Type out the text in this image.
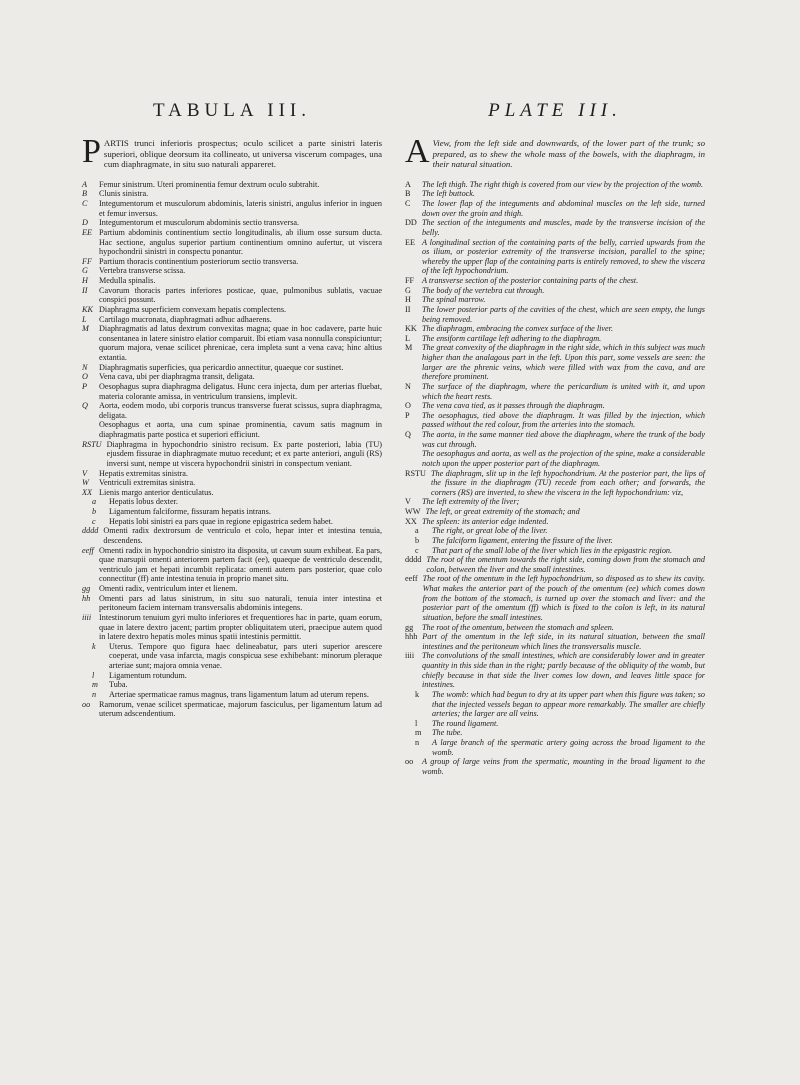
TABULA III.

PARTIS trunci inferioris prospectus; oculo scilicet a parte sinistri lateris superiori, oblique deorsum ita collineato, ut universa viscerum compages, una cum diaphragmate, in situ suo naturali appareret.

A	Femur sinistrum. Uteri prominentia femur dextrum oculo subtrahit.
B	Clunis sinistra.
C	Integumentorum et musculorum abdominis, lateris sinistri, angulus inferior in inguen et femur inversus.
D	Integumentorum et musculorum abdominis sectio transversa.
EE Partium abdominis continentium sectio longitudinalis, ab ilium osse sursum ducta. Hac sectione, angulus superior partium continentium omnino aufertur, ut viscera hypochondrii sinistri in conspectu ponantur.
FF Partium thoracis continentium posteriorum sectio transversa.
G	Vertebra transverse scissa.
H	Medulla spinalis.
II	Cavorum thoracis partes inferiores posticae, quae, pulmonibus sublatis, vacuae conspici possunt.
KK Diaphragma superficiem convexam hepatis complectens.
L	Cartilago mucronata, diaphragmati adhuc adhaerens.
M	Diaphragmatis ad latus dextrum convexitas magna; quae in hoc cadavere, parte huic consentanea in latere sinistro elatior comparuit. Ibi etiam vasa nonnulla conspiciuntur; quorum majora, venae scilicet phrenicae, cera impleta sunt a vena cava; hinc altius extantia.
N	Diaphragmatis superficies, qua pericardio annectitur, quaeque cor sustinet.
O	Vena cava, ubi per diaphragma transit, deligata.
P	Oesophagus supra diaphragma deligatus. Hunc cera injecta, dum per arterias fluebat, materia colorante amissa, in ventriculum transiens, implevit.
Q	Aorta, eodem modo, ubi corporis truncus transverse fuerat scissus, supra diaphragma, deligata.
Oesophagus et aorta, una cum spinae prominentia, cavum satis magnum in diaphragmatis parte postica et superiori efficiunt.
RSTU Diaphragma in hypochondrio sinistro recisum. Ex parte posteriori, labia (TU) ejusdem fissurae in diaphragmate mutuo recedunt; et ex parte anteriori, anguli (RS) inversi sunt, nempe ut viscera hypochondrii sinistri in conspectum veniant.
V	Hepatis extremitas sinistra.
W	Ventriculi extremitas sinistra.
XX Lienis margo anterior denticulatus.
a	Hepatis lobus dexter.
b	Ligamentum falciforme, fissuram hepatis intrans.
c	Hepatis lobi sinistri ea pars quae in regione epigastrica sedem habet.
dddd Omenti radix dextrorsum de ventriculo et colo, hepar inter et intestina tenuia, descendens.
eeff Omenti radix in hypochondrio sinistro ita disposita, ut cavum suum exhibeat. Ea pars, quae marsupii omenti anteriorem partem facit (ee), quaeque de ventriculo descendit, ventriculo jam et hepati incumbit replicata: omenti autem pars posterior, quae colo connectitur (ff) ante intestina tenuia in proprio manet situ.
gg	Omenti radix, ventriculum inter et lienem.
hh	Omenti pars ad latus sinistrum, in situ suo naturali, tenuia inter intestina et peritoneum faciem internam transversalis abdominis integens.
iiii Intestinorum tenuium gyri multo inferiores et frequentiores hac in parte, quam eorum, quae in latere dextro jacent; partim propter obliquitatem uteri, praecipue autem quod in latere dextro hepatis moles minus spatii intestinis permittit.
k	Uterus. Tempore quo figura haec delineabatur, pars uteri superior arescere coeperat, unde vasa infarcta, magis conspicua sese exhibebant: minorum pleraque arteriae sunt; majora omnia venae.
l	Ligamentum rotundum.
m	Tuba.
n	Arteriae spermaticae ramus magnus, trans ligamentum latum ad uterum repens.
oo	Ramorum, venae scilicet spermaticae, majorum fasciculus, per ligamentum latum ad uterum adscendentium.
PLATE III.

AView, from the left side and downwards, of the lower part of the trunk; so prepared, as to shew the whole mass of the bowels, with the diaphragm, in their natural situation.

A	The left thigh. The right thigh is covered from our view by the projection of the womb.
B	The left buttock.
C	The lower flap of the integuments and abdominal muscles on the left side, turned down over the groin and thigh.
DD The section of the integuments and muscles, made by the transverse incision of the belly.
EE A longitudinal section of the containing parts of the belly, carried upwards from the os ilium, or posterior extremity of the transverse incision, parallel to the spine; whereby the upper flap of the containing parts is entirely removed, to shew the viscera of the left hypochondrium.
FF A transverse section of the posterior containing parts of the chest.
G	The body of the vertebra cut through.
H	The spinal marrow.
II	The lower posterior parts of the cavities of the chest, which are seen empty, the lungs being removed.
KK The diaphragm, embracing the convex surface of the liver.
L	The ensiform cartilage left adhering to the diaphragm.
M	The great convexity of the diaphragm in the right side, which in this subject was much higher than the analagous part in the left. Upon this part, some vessels are seen: the larger are the phrenic veins, which were filled with wax from the cava, and are therefore prominent.
N	The surface of the diaphragm, where the pericardium is united with it, and upon which the heart rests.
O	The vena cava tied, as it passes through the diaphragm.
P	The oesophagus, tied above the diaphragm. It was filled by the injection, which passed without the red colour, from the arteries into the stomach.
Q	The aorta, in the same manner tied above the diaphragm, where the trunk of the body was cut through.
The oesophagus and aorta, as well as the projection of the spine, make a considerable notch upon the upper posterior part of the diaphragm.
RSTU The diaphragm, slit up in the left hypochondrium. At the posterior part, the lips of the fissure in the diaphragm (TU) recede from each other; and forwards, the corners (RS) are inverted, to shew the viscera in the left hypochondrium: viz,
V	The left extremity of the liver;
WW The left, or great extremity of the stomach; and
XX The spleen: its anterior edge indented.
a	The right, or great lobe of the liver.
b	The falciform ligament, entering the fissure of the liver.
c	That part of the small lobe of the liver which lies in the epigastric region.
dddd The root of the omentum towards the right side, coming down from the stomach and colon, between the liver and the small intestines.
eeff The root of the omentum in the left hypochondrium, so disposed as to shew its cavity. What makes the anterior part of the pouch of the omentum (ee) which comes down from the bottom of the stomach, is turned up over the stomach and liver: and the posterior part of the omentum (ff) which is fixed to the colon is left, in its natural situation, before the small intestines.
gg	The root of the omentum, between the stomach and spleen.
hhh Part of the omentum in the left side, in its natural situation, between the small intestines and the peritoneum which lines the transversalis muscle.
iiii The convolutions of the small intestines, which are considerably lower and in greater quantity in this side than in the right; partly because of the obliquity of the womb, but chiefly because in that side the liver comes low down, and leaves little space for intestines.
k	The womb: which had begun to dry at its upper part when this figure was taken; so that the injected vessels began to appear more remarkably. The smaller are chiefly arteries; the larger are all veins.
l	The round ligament.
m	The tube.
n	A large branch of the spermatic artery going across the broad ligament to the womb.
oo	A group of large veins from the spermatic, mounting in the broad ligament to the womb.
